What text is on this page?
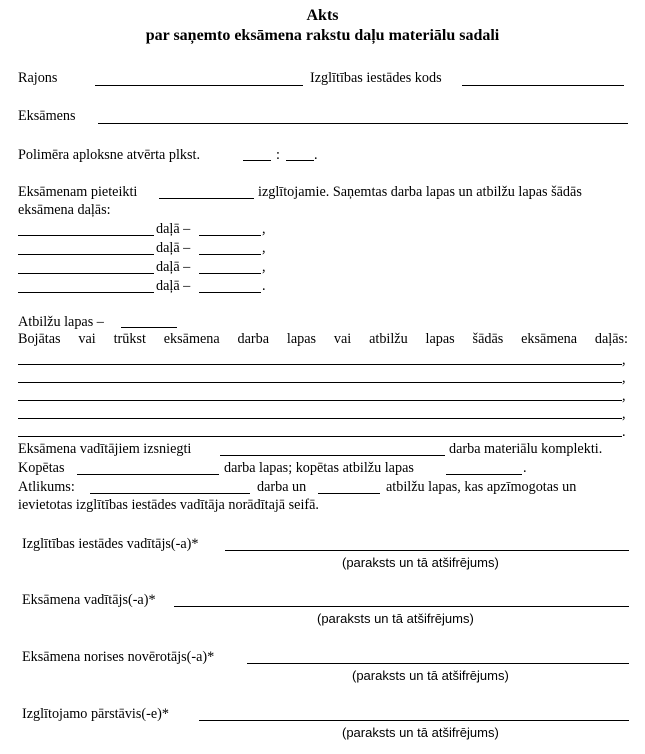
Akts
par saņemto eksāmena rakstu daļu materiālu sadali
Rajons	Izglītības iestādes kods
Eksāmens
Polimēra aploksne atvērta plkst.	: .
Eksāmenam pieteikti	izglītojamie. Saņemtas darba lapas un atbilžu lapas šādās
eksāmena daļās:
daļā –	,
daļā –	,
daļā –	,
daļā –	.
Atbilžu lapas –
Bojātas vai trūkst eksāmena darba lapas vai atbilžu lapas šādās eksāmena daļās:
,
,
,
,
.
Eksāmena vadītājiem izsniegti	darba materiālu komplekti.
Kopētas	darba lapas; kopētas atbilžu lapas	.
Atlikums:	darba un	atbilžu lapas, kas apzīmogotas un
ievietotas izglītības iestādes vadītāja norādītajā seifā.
Izglītības iestādes vadītājs(-a)*
(paraksts un tā atšifrējums)
Eksāmena vadītājs(-a)*
(paraksts un tā atšifrējums)
Eksāmena norises novērotājs(-a)*
(paraksts un tā atšifrējums)
Izglītojamo pārstāvis(-e)*
(paraksts un tā atšifrējums)
